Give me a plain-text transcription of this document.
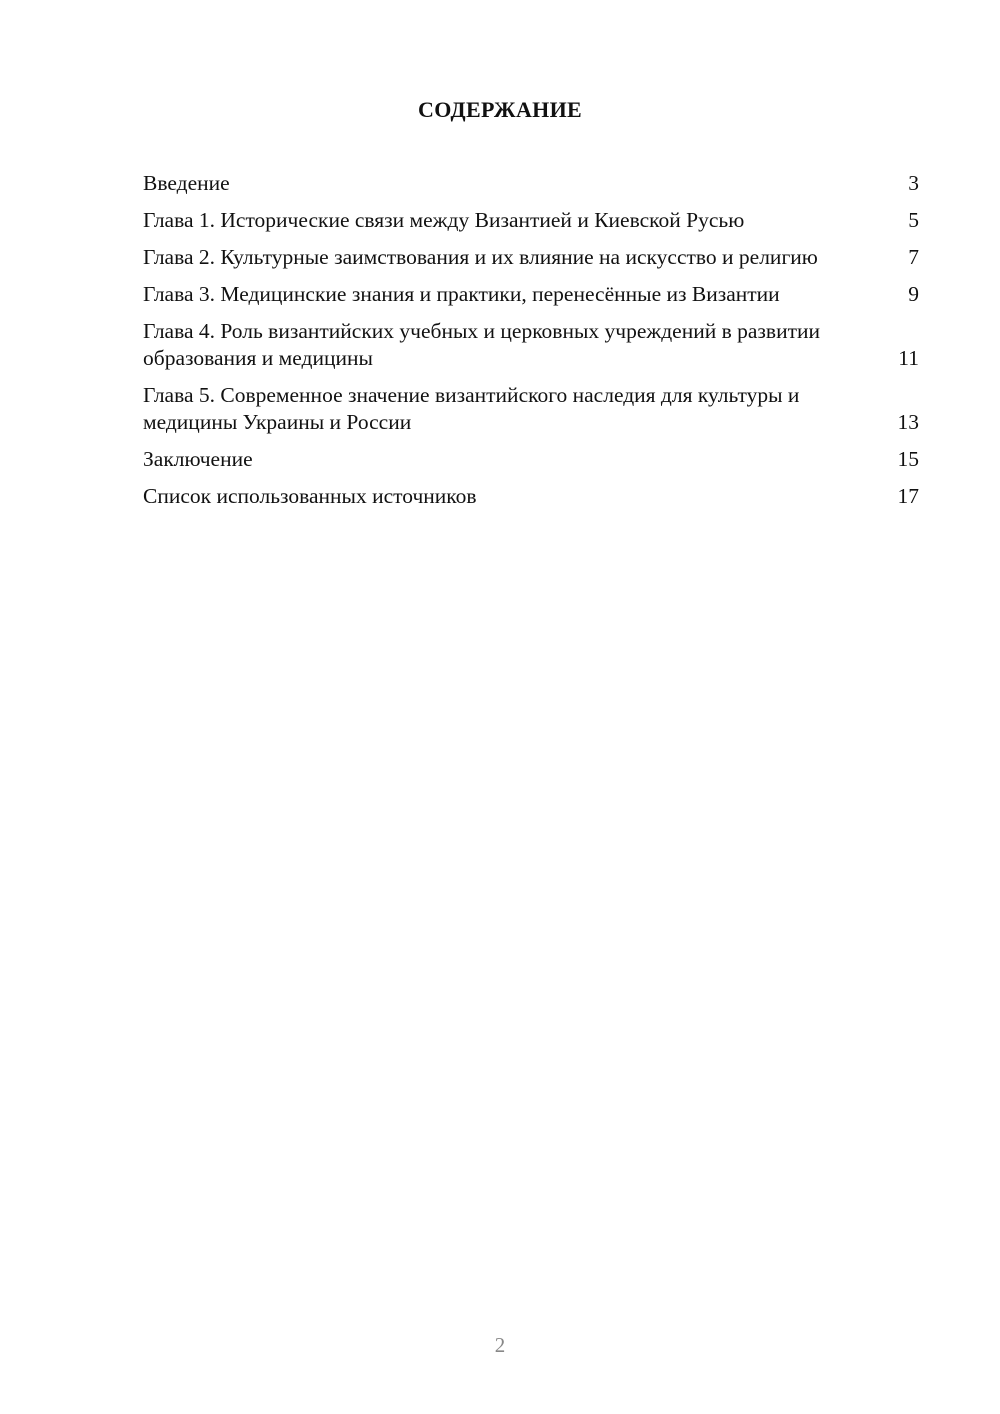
СОДЕРЖАНИЕ
Введение	3
Глава 1. Исторические связи между Византией и Киевской Русью	5
Глава 2. Культурные заимствования и их влияние на искусство и религию	7
Глава 3. Медицинские знания и практики, перенесённые из Византии	9
Глава 4. Роль византийских учебных и церковных учреждений в развитии образования и медицины	11
Глава 5. Современное значение византийского наследия для культуры и медицины Украины и России	13
Заключение	15
Список использованных источников	17
2
